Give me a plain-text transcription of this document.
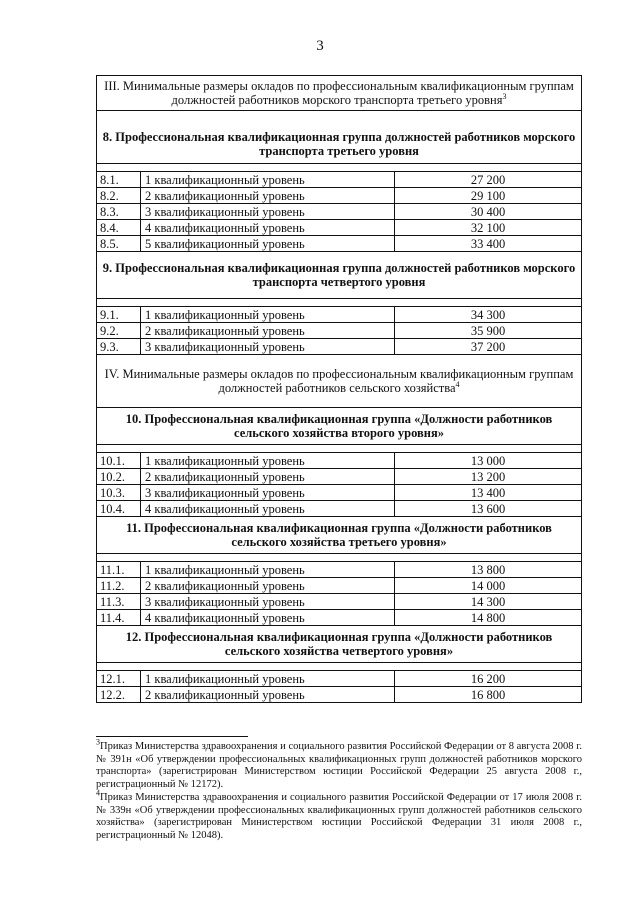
3
III. Минимальные размеры окладов по профессиональным квалификационным группам должностей работников морского транспорта третьего уровня$^3$

8. Профессиональная квалификационная группа должностей работников морского транспорта третьего уровня		

8.1.	1 квалификационный уровень	27 200
8.2.	2 квалификационный уровень	29 100
8.3.	3 квалификационный уровень	30 400
8.4.	4 квалификационный уровень	32 100
8.5.	5 квалификационный уровень	33 400
9. Профессиональная квалификационная группа должностей работников морского транспорта четвертого уровня		

9.1.	1 квалификационный уровень	34 300
9.2.	2 квалификационный уровень	35 900
9.3.	3 квалификационный уровень	37 200
IV. Минимальные размеры окладов по профессиональным квалификационным группам должностей работников сельского хозяйства$^4$
10. Профессиональная квалификационная группа «Должности работников сельского хозяйства второго уровня»		

10.1.	1 квалификационный уровень	13 000
10.2.	2 квалификационный уровень	13 200
10.3.	3 квалификационный уровень	13 400
10.4.	4 квалификационный уровень	13 600
11. Профессиональная квалификационная группа «Должности работников сельского хозяйства третьего уровня»		

11.1.	1 квалификационный уровень	13 800
11.2.	2 квалификационный уровень	14 000
11.3.	3 квалификационный уровень	14 300
11.4.	4 квалификационный уровень	14 800
12. Профессиональная квалификационная группа «Должности работников сельского хозяйства четвертого уровня»		

12.1.	1 квалификационный уровень	16 200
12.2.	2 квалификационный уровень	16 800

$^3$Приказ Министерства здравоохранения и социального развития Российской Федерации от 8 августа 2008 г. № 391н «Об утверждении профессиональных квалификационных групп должностей работников морского транспорта» (зарегистрирован Министерством юстиции Российской Федерации 25 августа 2008 г., регистрационный № 12172).

$^4$Приказ Министерства здравоохранения и социального развития Российской Федерации от 17 июля 2008 г. № 339н «Об утверждении профессиональных квалификационных групп должностей работников сельского хозяйства» (зарегистрирован Министерством юстиции Российской Федерации 31 июля 2008 г., регистрационный № 12048).
